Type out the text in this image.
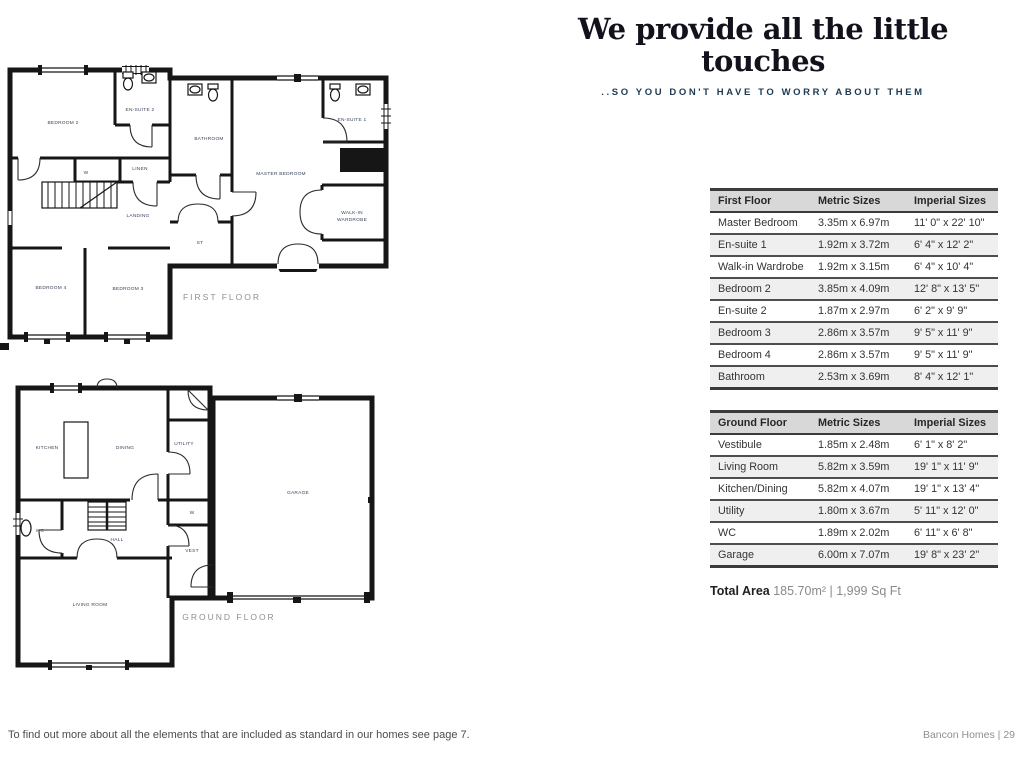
We provide all the little touches
..SO YOU DON'T HAVE TO WORRY ABOUT THEM
BEDROOM 2
EN-SUITE 2
BATHROOM
MASTER BEDROOM
EN-SUITE 1
W
LINEN
LANDING
ST
WALK-IN
WARDROBE
BEDROOM 4	BEDROOM 3
FIRST FLOOR
KITCHEN	DINING
UTILITY
GARAGE
W
WC
HALL
VEST
LIVING ROOM
GROUND FLOOR
First Floor	Metric Sizes	Imperial Sizes
Master Bedroom	3.35m x 6.97m	11' 0" x 22' 10"
En-suite 1	1.92m x 3.72m	6' 4" x 12' 2"
Walk-in Wardrobe	1.92m x 3.15m	6' 4" x 10' 4"
Bedroom 2	3.85m x 4.09m	12' 8" x 13' 5"
En-suite 2	1.87m x 2.97m	6' 2" x 9' 9"
Bedroom 3	2.86m x 3.57m	9' 5" x 11' 9"
Bedroom 4	2.86m x 3.57m	9' 5" x 11' 9"
Bathroom	2.53m x 3.69m	8' 4" x 12' 1"
Ground Floor	Metric Sizes	Imperial Sizes
Vestibule	1.85m x 2.48m	6' 1" x 8' 2"
Living Room	5.82m x 3.59m	19' 1" x 11' 9"
Kitchen/Dining	5.82m x 4.07m	19' 1" x 13' 4"
Utility	1.80m x 3.67m	5' 11" x 12' 0"
WC	1.89m x 2.02m	6' 11" x 6' 8"
Garage	6.00m x 7.07m	19' 8" x 23' 2"
Total Area 185.70m² | 1,999 Sq Ft
To find out more about all the elements that are included as standard in our homes see page 7.	Bancon Homes | 29
